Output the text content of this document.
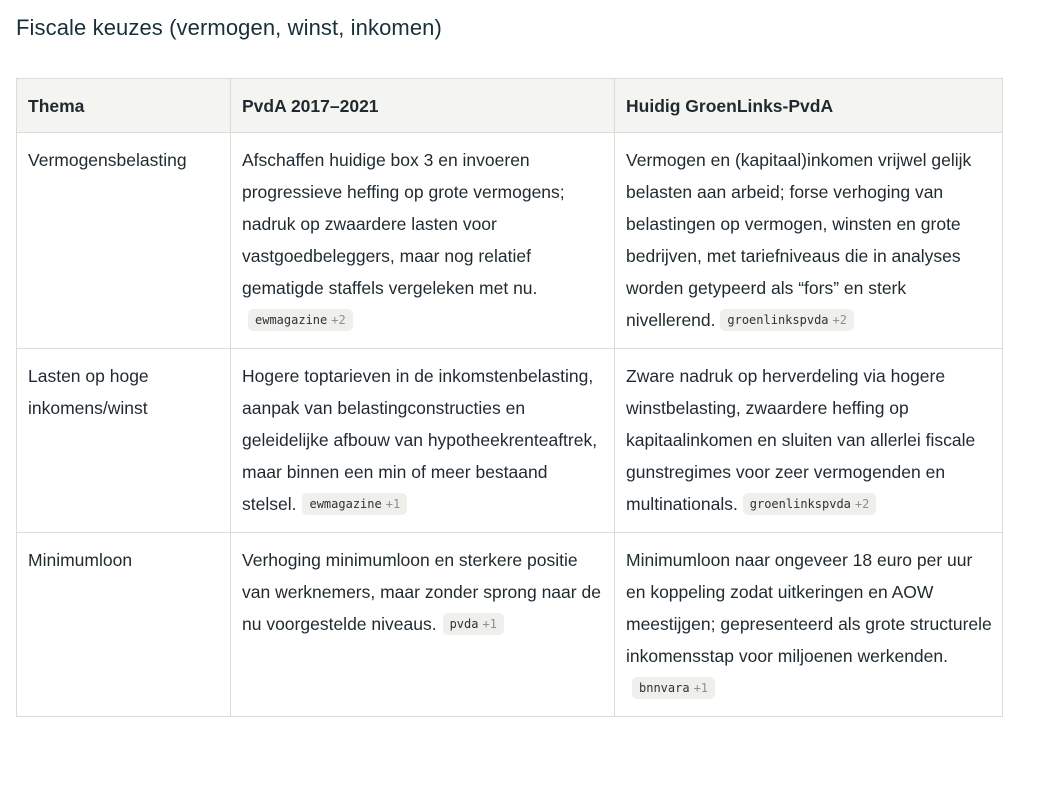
Fiscale keuzes (vermogen, winst, inkomen)
Thema	PvdA 2017–2021	Huidig GroenLinks-PvdA
Vermogensbelasting	Afschaffen huidige box 3 en invoeren progressieve heffing op grote vermogens; nadruk op zwaardere lasten voor vastgoedbeleggers, maar nog relatief gematigde staffels vergeleken met nu.ewmagazine +2	Vermogen en (kapitaal)inkomen vrijwel gelijk belasten aan arbeid; forse verhoging van belastingen op vermogen, winsten en grote bedrijven, met tariefniveaus die in analyses worden getypeerd als “fors” en sterk nivellerend. groenlinkspvda +2
Lasten op hoge inkomens/winst	Hogere toptarieven in de inkomstenbelasting, aanpak van belastingconstructies en geleidelijke afbouw van hypotheekrenteaftrek, maar binnen een min of meer bestaand stelsel. ewmagazine +1	Zware nadruk op herverdeling via hogere winstbelasting, zwaardere heffing op kapitaalinkomen en sluiten van allerlei fiscale gunstregimes voor zeer vermogenden en multinationals. groenlinkspvda +2
Minimumloon	Verhoging minimumloon en sterkere positie van werknemers, maar zonder sprong naar de nu voorgestelde niveaus. pvda +1	Minimumloon naar ongeveer 18 euro per uur en koppeling zodat uitkeringen en AOW meestijgen; gepresenteerd als grote structurele inkomensstap voor miljoenen werkenden.bnnvara +1
